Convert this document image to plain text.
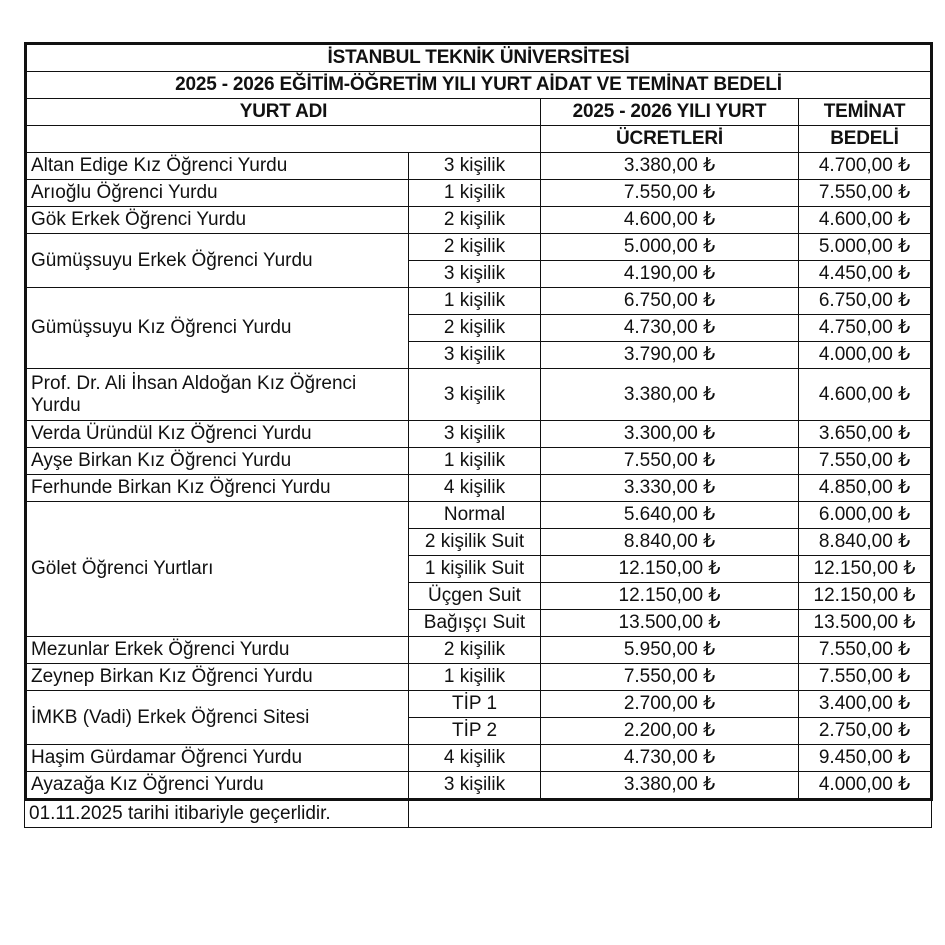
İSTANBUL TEKNİK ÜNİVERSİTESİ			
2025 - 2026 EĞİTİM-ÖĞRETİM YILI YURT AİDAT VE TEMİNAT BEDELİ			
YURT ADI		2025 - 2026 YILI YURT	TEMİNAT
		ÜCRETLERİ	BEDELİ
Altan Edige Kız Öğrenci Yurdu	3 kişilik	3.380,00 ₺	4.700,00 ₺
Arıoğlu Öğrenci Yurdu	1 kişilik	7.550,00 ₺	7.550,00 ₺
Gök Erkek Öğrenci Yurdu	2 kişilik	4.600,00 ₺	4.600,00 ₺
Gümüşsuyu Erkek Öğrenci Yurdu	2 kişilik	5.000,00 ₺	5.000,00 ₺
	3 kişilik	4.190,00 ₺	4.450,00 ₺
Gümüşsuyu Kız Öğrenci Yurdu	1 kişilik	6.750,00 ₺	6.750,00 ₺
	2 kişilik	4.730,00 ₺	4.750,00 ₺
	3 kişilik	3.790,00 ₺	4.000,00 ₺
Prof. Dr. Ali İhsan Aldoğan Kız Öğrenci Yurdu	3 kişilik	3.380,00 ₺	4.600,00 ₺
Verda Üründül Kız Öğrenci Yurdu	3 kişilik	3.300,00 ₺	3.650,00 ₺
Ayşe Birkan Kız Öğrenci Yurdu	1 kişilik	7.550,00 ₺	7.550,00 ₺
Ferhunde Birkan Kız Öğrenci Yurdu	4 kişilik	3.330,00 ₺	4.850,00 ₺
Gölet Öğrenci Yurtları	Normal	5.640,00 ₺	6.000,00 ₺
	2 kişilik Suit	8.840,00 ₺	8.840,00 ₺
	1 kişilik Suit	12.150,00 ₺	12.150,00 ₺
	Üçgen Suit	12.150,00 ₺	12.150,00 ₺
	Bağışçı Suit	13.500,00 ₺	13.500,00 ₺
Mezunlar Erkek Öğrenci Yurdu	2 kişilik	5.950,00 ₺	7.550,00 ₺
Zeynep Birkan Kız Öğrenci Yurdu	1 kişilik	7.550,00 ₺	7.550,00 ₺
İMKB (Vadi) Erkek Öğrenci Sitesi	TİP 1	2.700,00 ₺	3.400,00 ₺
	TİP 2	2.200,00 ₺	2.750,00 ₺
Haşim Gürdamar Öğrenci Yurdu	4 kişilik	4.730,00 ₺	9.450,00 ₺
Ayazağa Kız Öğrenci Yurdu	3 kişilik	3.380,00 ₺	4.000,00 ₺
01.11.2025 tarihi itibariyle geçerlidir.	
